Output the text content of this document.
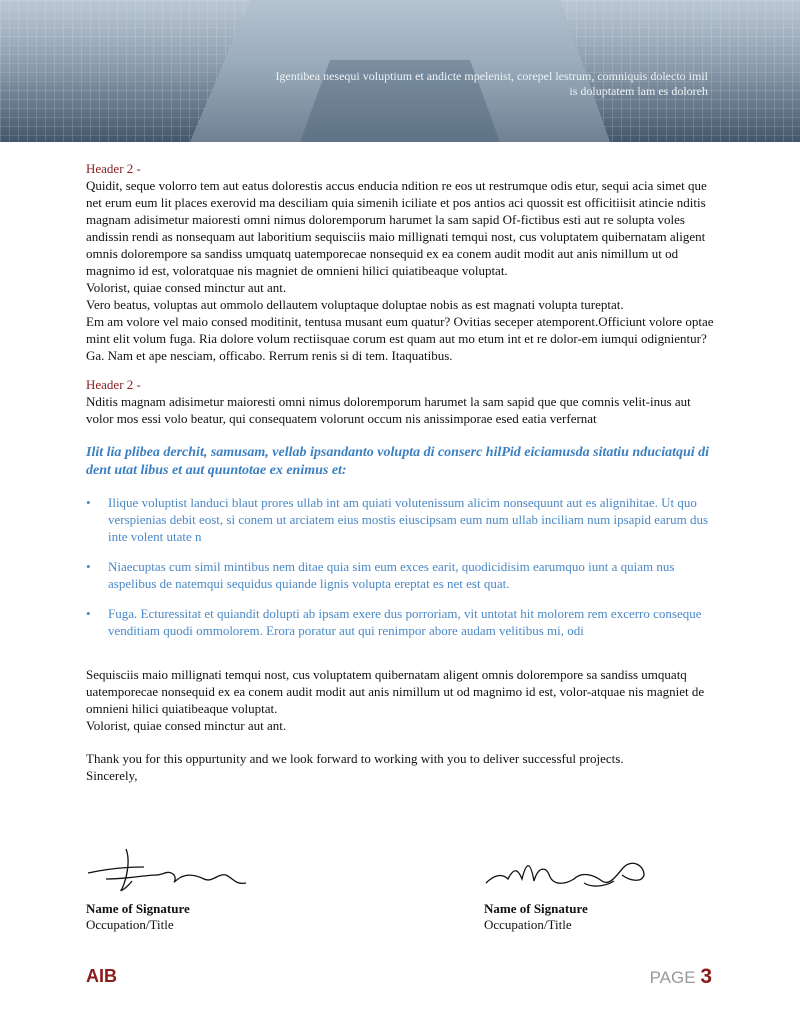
Igentibea nesequi voluptium et andicte mpelenist, corepel lestrum, comniquis dolecto imil
is doluptatem lam es doloreh
Header 2 -

Quidit, seque volorro tem aut eatus dolorestis accus enducia ndition re eos ut restrumque odis etur, sequi acia simet que net erum eum lit places exerovid ma desciliam quia simenih iciliate et pos antios aci quossit est officitiisit atincie nditis magnam adisimetur maioresti omni nimus doloremporum harumet la sam sapid Of-fictibus esti aut re solupta voles andissin rendi as nonsequam aut laboritium sequisciis maio millignati temqui nost, cus voluptatem quibernatam aligent omnis dolorempore sa sandiss umquatq uatemporecae nonsequid ex ea conem audit modit aut anis nimillum ut od magnimo id est, voloratquae nis magniet de omnieni hilici quiatibeaque voluptat.

Volorist, quiae consed minctur aut ant.

Vero beatus, voluptas aut ommolo dellautem voluptaque doluptae nobis as est magnati volupta tureptat.

Em am volore vel maio consed moditinit, tentusa musant eum quatur? Ovitias seceper atemporent.Officiunt volore optae mint elit volum fuga. Ria dolore volum rectiisquae corum est quam aut mo etum int et re dolor-em iumqui odignientur?

Ga. Nam et ape nesciam, officabo. Rerrum renis si di tem. Itaquatibus.

Header 2 -

Nditis magnam adisimetur maioresti omni nimus doloremporum harumet la sam sapid que que comnis velit-inus aut volor mos essi volo beatur, qui consequatem volorunt occum nis anissimporae esed eatia verfernat

Ilit lia plibea derchit, samusam, vellab ipsandanto volupta di conserc hilPid eiciamusda sitatiu nduciatqui di dent utat libus et aut quuntotae ex enimus et:

• Ilique voluptist landuci blaut prores ullab int am quiati volutenissum alicim nonsequunt aut es alignihitae. Ut quo verspienias debit eost, si conem ut arciatem eius mostis eiuscipsam eum num ullab inciliam num ipsapid earum dus inte volent utate n
• Niaecuptas cum simil mintibus nem ditae quia sim eum exces earit, quodicidisim earumquo iunt a quiam nus aspelibus de natemqui sequidus quiande lignis volupta ereptat es net est quat.
• Fuga. Ecturessitat et quiandit dolupti ab ipsam exere dus porroriam, vit untotat hit molorem rem excerro conseque venditiam quodi ommolorem. Erora poratur aut qui renimpor abore audam velitibus mi, odi

Sequisciis maio millignati temqui nost, cus voluptatem quibernatam aligent omnis dolorempore sa sandiss umquatq uatemporecae nonsequid ex ea conem audit modit aut anis nimillum ut od magnimo id est, volor-atquae nis magniet de omnieni hilici quiatibeaque voluptat.

Volorist, quiae consed minctur aut ant.

Thank you for this oppurtunity and we look forward to working with you to deliver successful projects.

Sincerely,

Name of Signature
Occupation/Title
Name of Signature
Occupation/Title
AIB	PAGE 3
